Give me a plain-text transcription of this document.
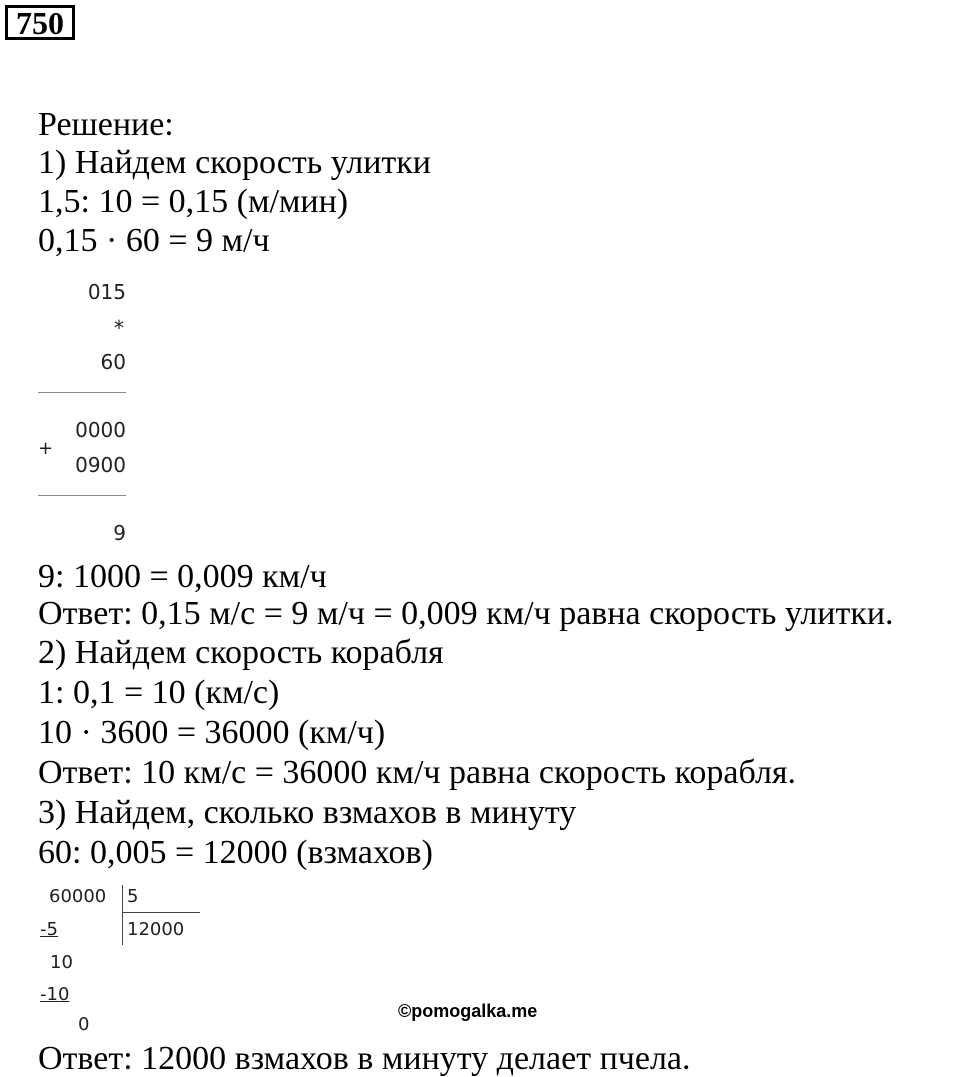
750
Решение:
1) Найдем скорость улитки
1,5: 10 = 0,15 (м/мин)
0,15 · 60 = 9 м/ч
015
*
60
0000
+
0900
9
9: 1000 = 0,009 км/ч
Ответ: 0,15 м/с = 9 м/ч = 0,009 км/ч равна скорость улитки.
2) Найдем скорость корабля
1: 0,1 = 10 (км/с)
10 · 3600 = 36000 (км/ч)
Ответ: 10 км/с = 36000 км/ч равна скорость корабля.
3) Найдем, сколько взмахов в минуту
60: 0,005 = 12000 (взмахов)
60000 5
12000
-5
10
-10
0
©pomogalka.me
Ответ: 12000 взмахов в минуту делает пчела.
